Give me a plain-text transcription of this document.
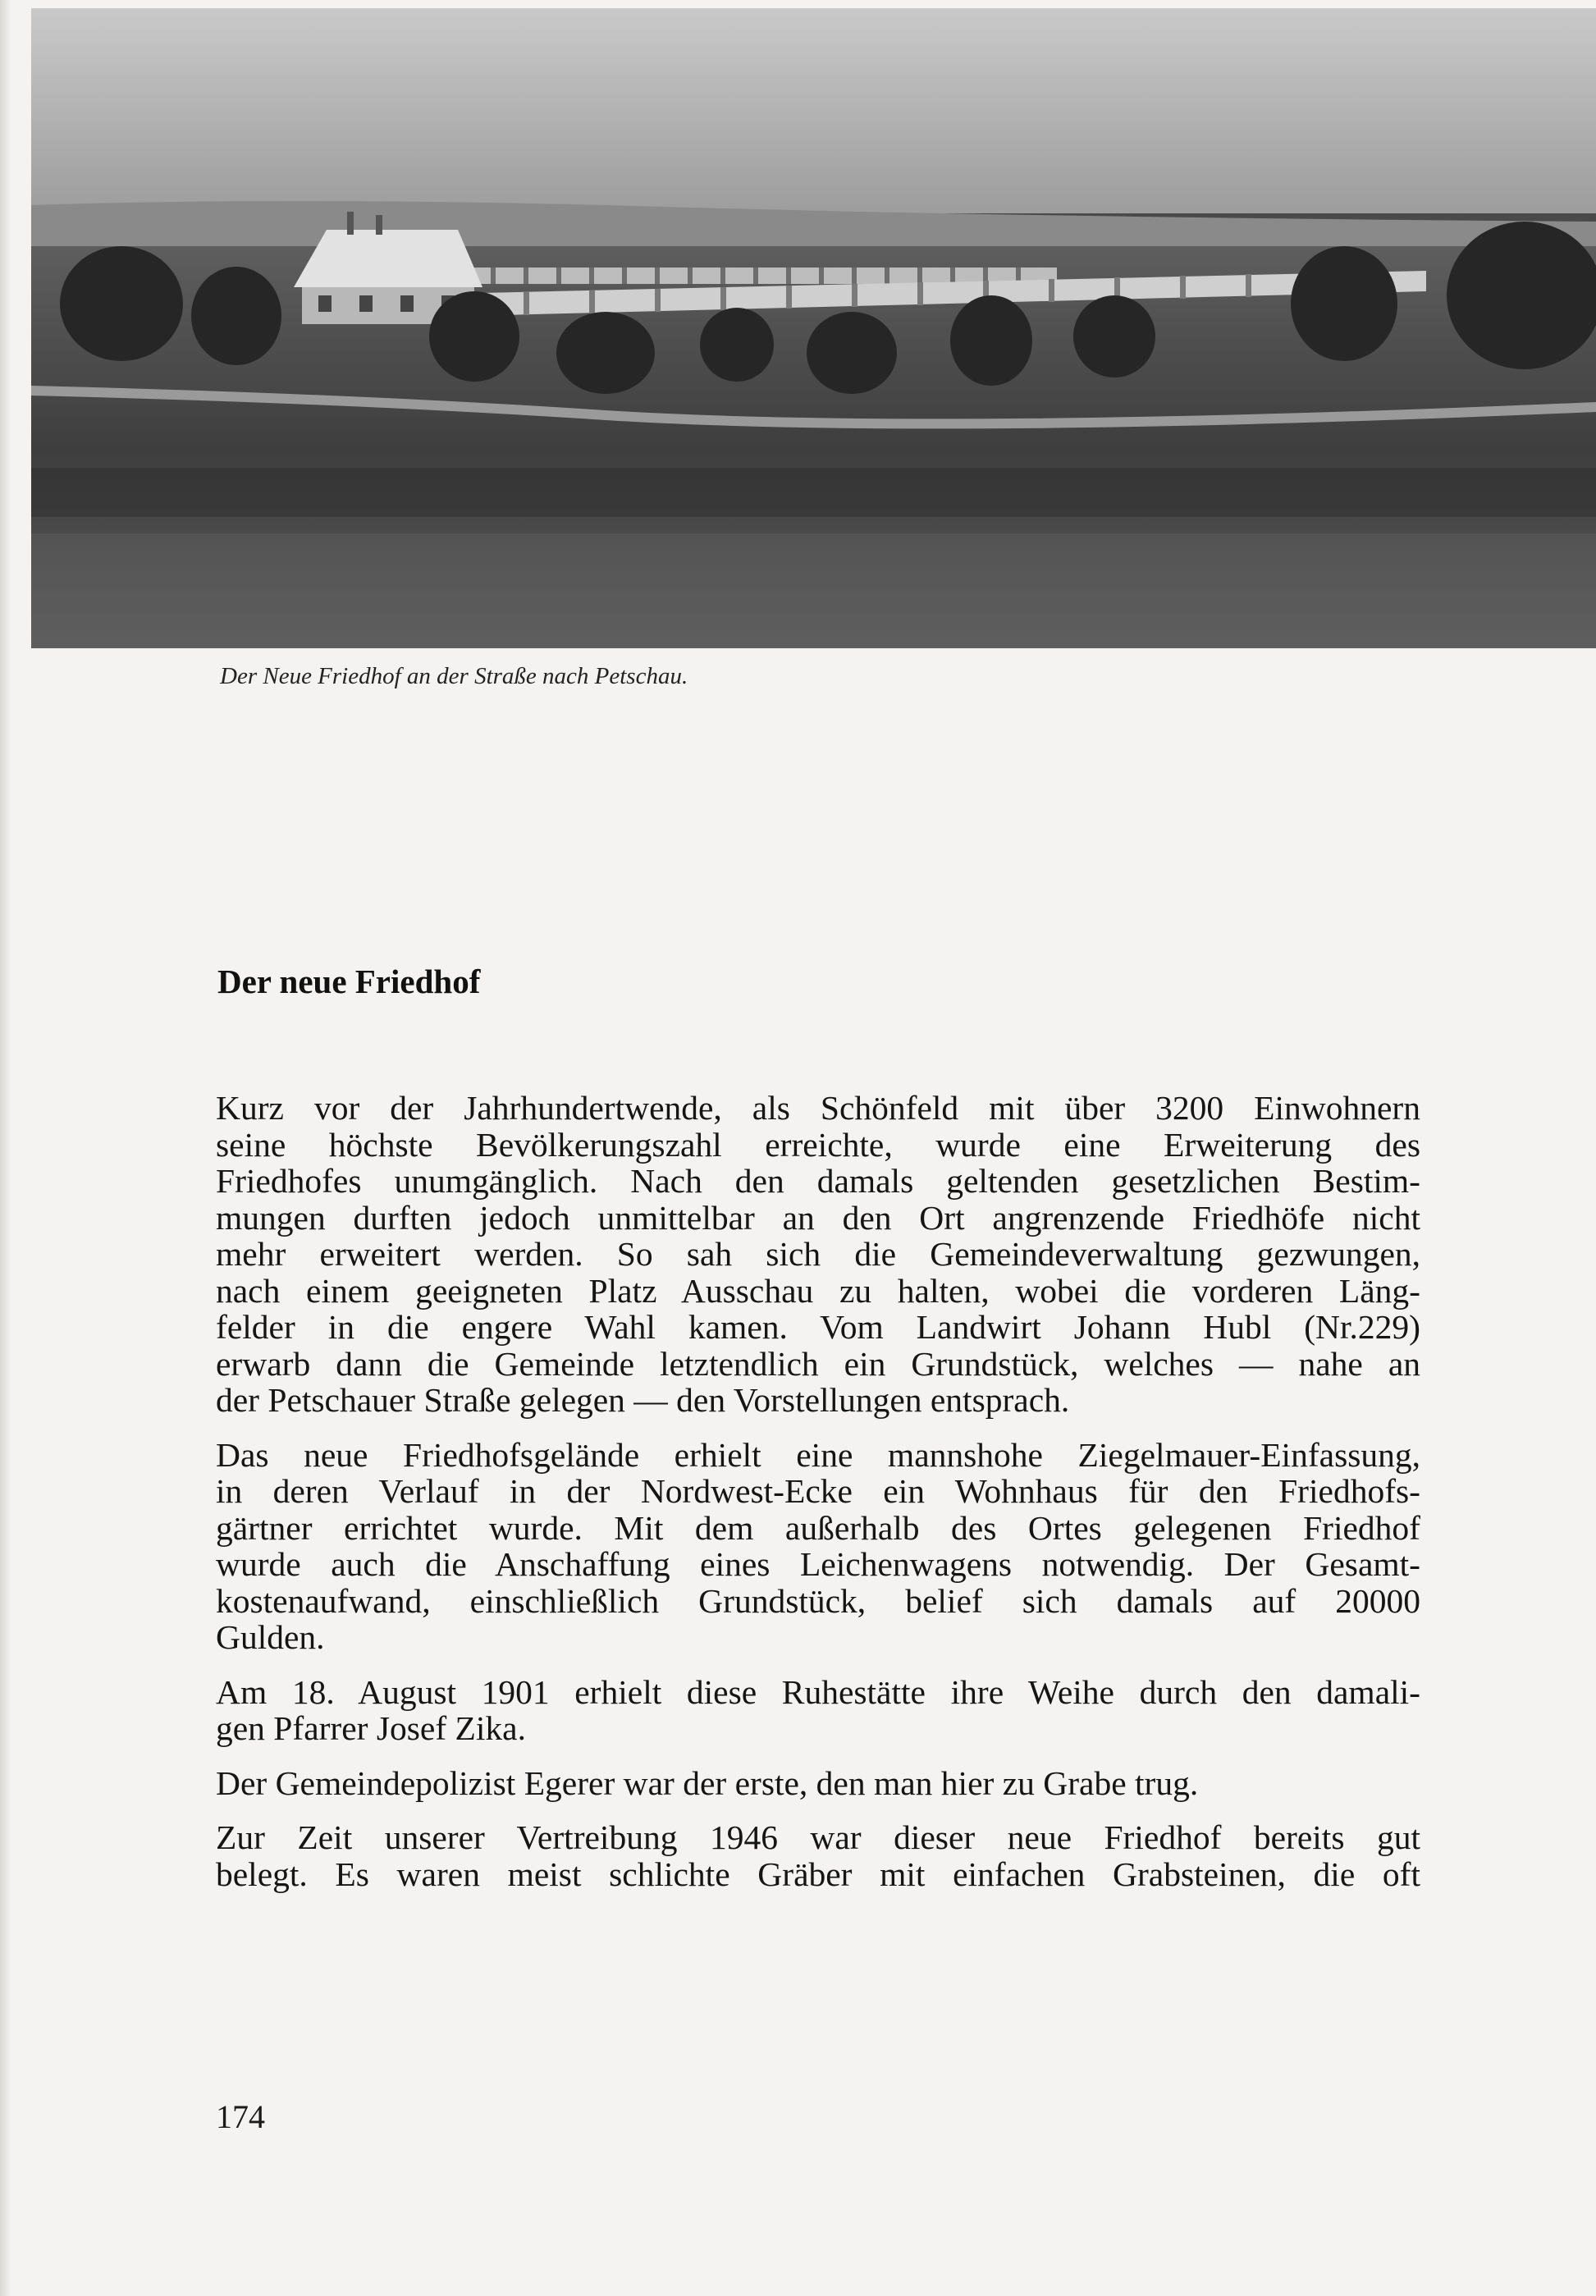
Der Neue Friedhof an der Straße nach Petschau.
Der neue Friedhof

Kurz vor der Jahrhundertwende, als Schönfeld mit über 3200 Einwohnern
seine höchste Bevölkerungszahl erreichte, wurde eine Erweiterung des
Friedhofes unumgänglich. Nach den damals geltenden gesetzlichen Bestim-
mungen durften jedoch unmittelbar an den Ort angrenzende Friedhöfe nicht
mehr erweitert werden. So sah sich die Gemeindeverwaltung gezwungen,
nach einem geeigneten Platz Ausschau zu halten, wobei die vorderen Läng-
felder in die engere Wahl kamen. Vom Landwirt Johann Hubl (Nr.229)
erwarb dann die Gemeinde letztendlich ein Grundstück, welches — nahe an
der Petschauer Straße gelegen — den Vorstellungen entsprach.

Das neue Friedhofsgelände erhielt eine mannshohe Ziegelmauer-Einfassung,
in deren Verlauf in der Nordwest-Ecke ein Wohnhaus für den Friedhofs-
gärtner errichtet wurde. Mit dem außerhalb des Ortes gelegenen Friedhof
wurde auch die Anschaffung eines Leichenwagens notwendig. Der Gesamt-
kostenaufwand, einschließlich Grundstück, belief sich damals auf 20000
Gulden.

Am 18. August 1901 erhielt diese Ruhestätte ihre Weihe durch den damali-
gen Pfarrer Josef Zika.

Der Gemeindepolizist Egerer war der erste, den man hier zu Grabe trug.

Zur Zeit unserer Vertreibung 1946 war dieser neue Friedhof bereits gut
belegt. Es waren meist schlichte Gräber mit einfachen Grabsteinen, die oft

174
